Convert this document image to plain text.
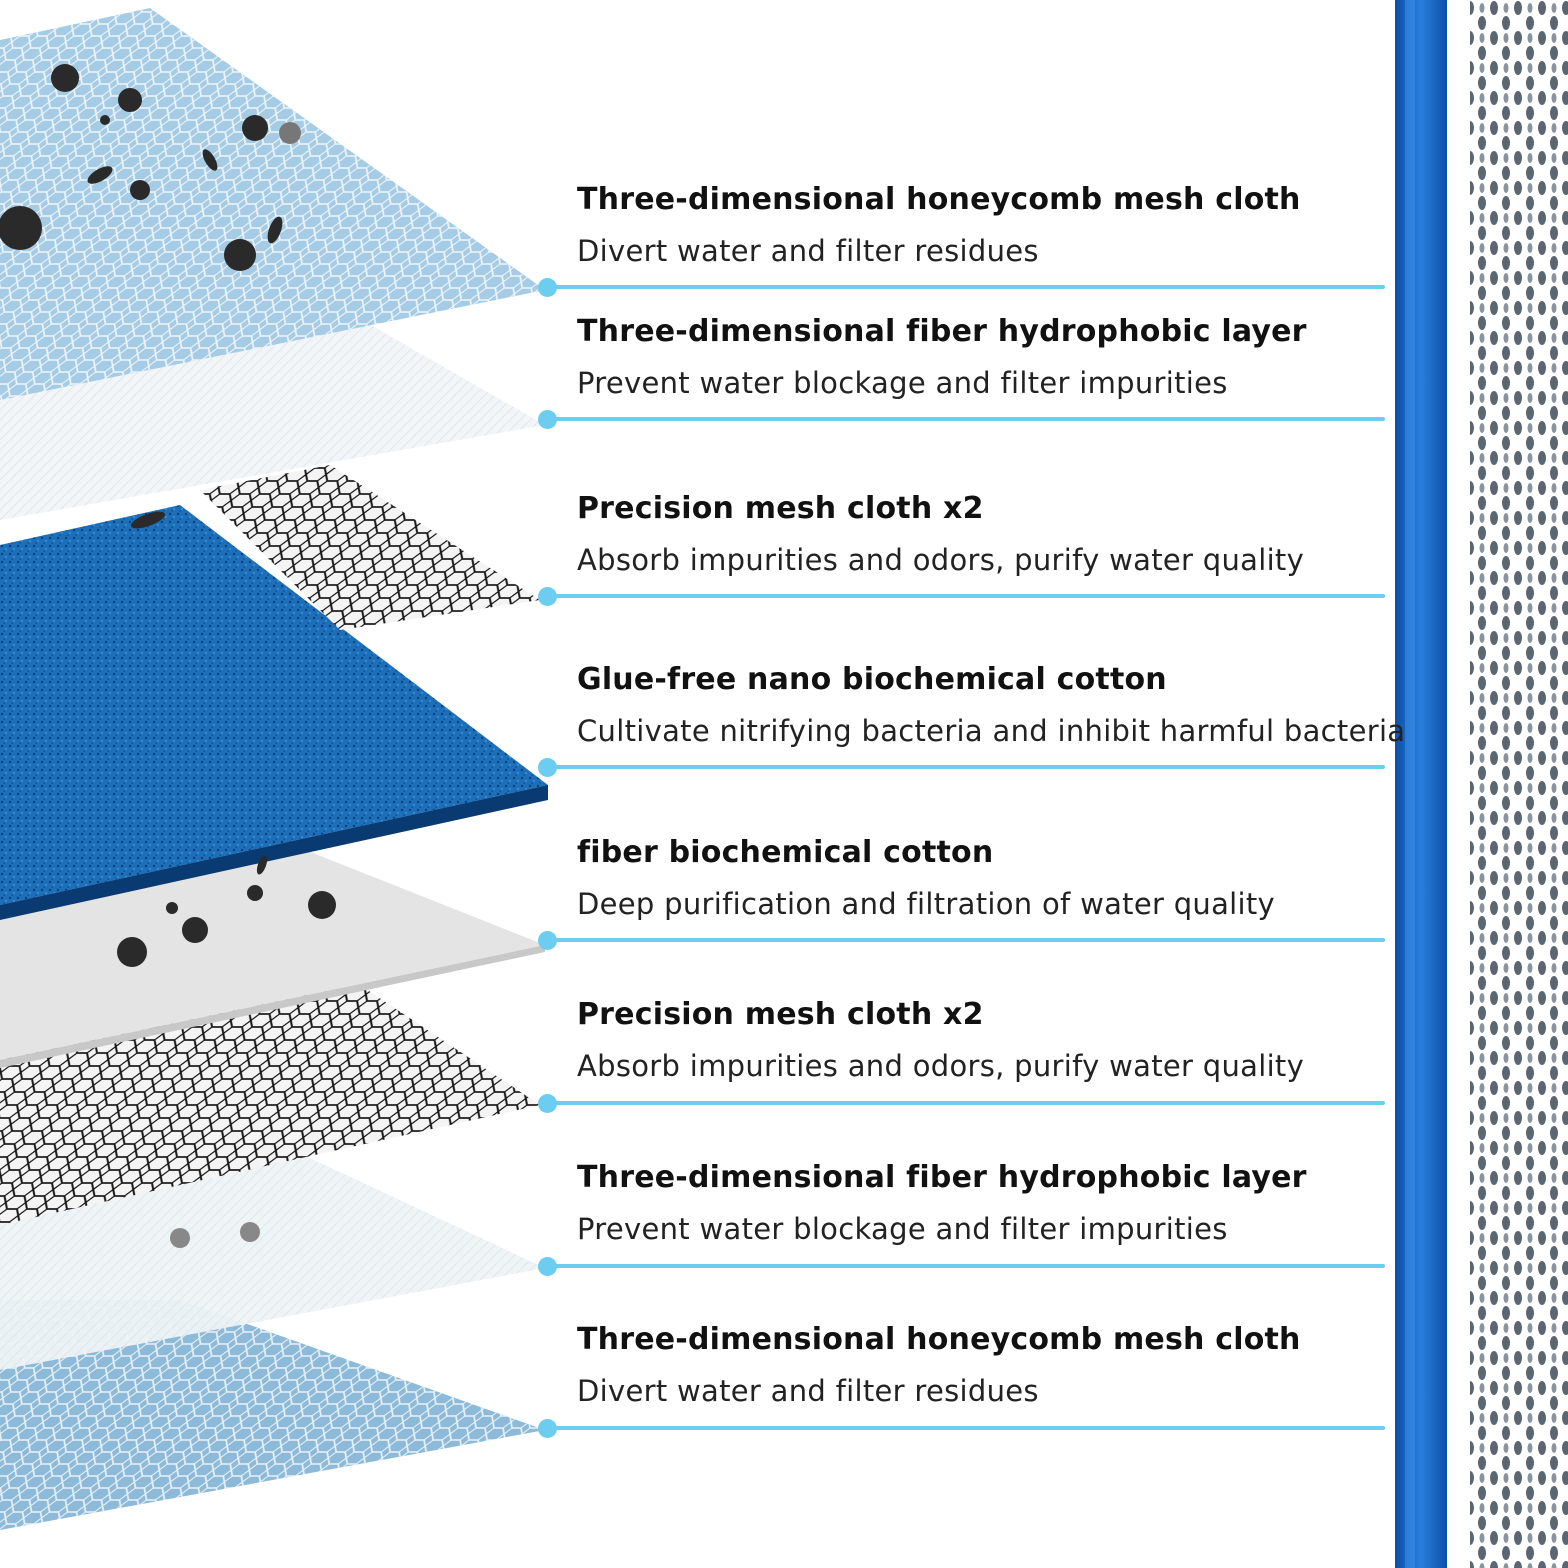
Three-dimensional honeycomb mesh cloth
Divert water and filter residues
Three-dimensional fiber hydrophobic layer
Prevent water blockage and filter impurities
Precision mesh cloth x2
Absorb impurities and odors, purify water quality
Glue-free nano biochemical cotton
Cultivate nitrifying bacteria and inhibit harmful bacteria
fiber biochemical cotton
Deep purification and filtration of water quality
Precision mesh cloth x2
Absorb impurities and odors, purify water quality
Three-dimensional fiber hydrophobic layer
Prevent water blockage and filter impurities
Three-dimensional honeycomb mesh cloth
Divert water and filter residues
